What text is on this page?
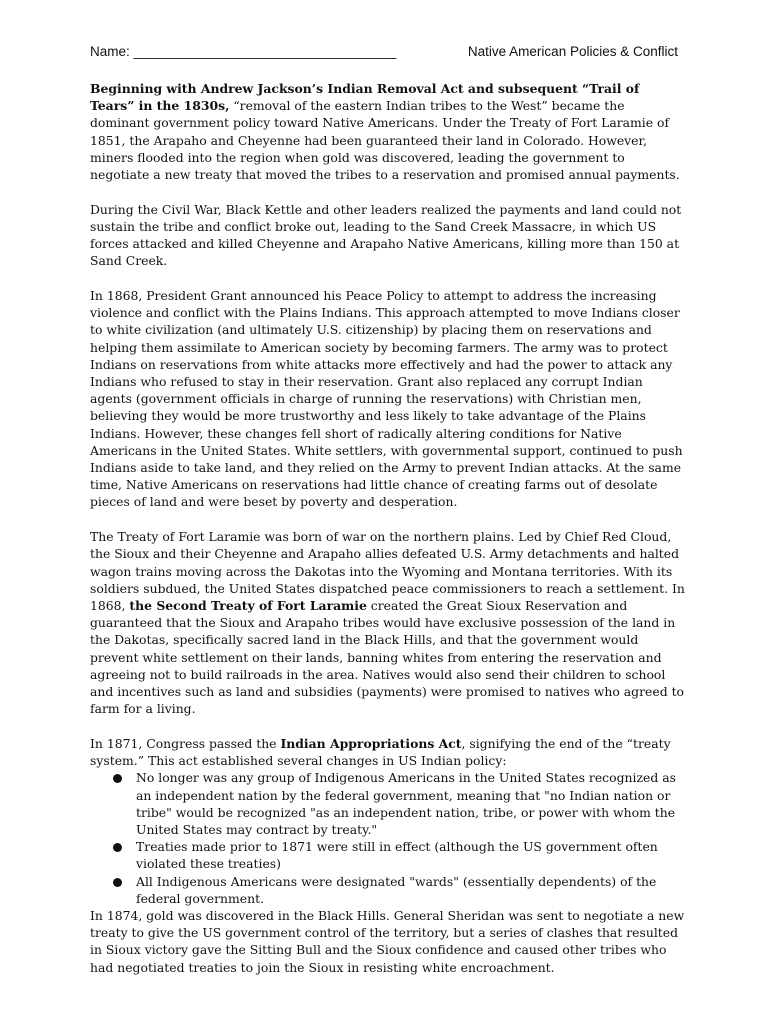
Name: ___________________________________	Native American Policies & Conflict

Beginning with Andrew Jackson’s Indian Removal Act and subsequent “Trail of Tears” in the 1830s, “removal of the eastern Indian tribes to the West” became the dominant government policy toward Native Americans. Under the Treaty of Fort Laramie of 1851, the Arapaho and Cheyenne had been guaranteed their land in Colorado. However, miners flooded into the region when gold was discovered, leading the government to negotiate a new treaty that moved the tribes to a reservation and promised annual payments.

During the Civil War, Black Kettle and other leaders realized the payments and land could not sustain the tribe and conflict broke out, leading to the Sand Creek Massacre, in which US forces attacked and killed Cheyenne and Arapaho Native Americans, killing more than 150 at Sand Creek.

In 1868, President Grant announced his Peace Policy to attempt to address the increasing violence and conflict with the Plains Indians. This approach attempted to move Indians closer to white civilization (and ultimately U.S. citizenship) by placing them on reservations and helping them assimilate to American society by becoming farmers. The army was to protect Indians on reservations from white attacks more effectively and had the power to attack any Indians who refused to stay in their reservation. Grant also replaced any corrupt Indian agents (government officials in charge of running the reservations) with Christian men, believing they would be more trustworthy and less likely to take advantage of the Plains Indians. However, these changes fell short of radically altering conditions for Native Americans in the United States. White settlers, with governmental support, continued to push Indians aside to take land, and they relied on the Army to prevent Indian attacks. At the same time, Native Americans on reservations had little chance of creating farms out of desolate pieces of land and were beset by poverty and desperation.

The Treaty of Fort Laramie was born of war on the northern plains. Led by Chief Red Cloud, the Sioux and their Cheyenne and Arapaho allies defeated U.S. Army detachments and halted wagon trains moving across the Dakotas into the Wyoming and Montana territories. With its soldiers subdued, the United States dispatched peace commissioners to reach a settlement. In 1868, the Second Treaty of Fort Laramie created the Great Sioux Reservation and guaranteed that the Sioux and Arapaho tribes would have exclusive possession of the land in the Dakotas, specifically sacred land in the Black Hills, and that the government would prevent white settlement on their lands, banning whites from entering the reservation and agreeing not to build railroads in the area. Natives would also send their children to school and incentives such as land and subsidies (payments) were promised to natives who agreed to farm for a living.

In 1871, Congress passed the Indian Appropriations Act, signifying the end of the “treaty system.” This act established several changes in US Indian policy:

No longer was any group of Indigenous Americans in the United States recognized as an independent nation by the federal government, meaning that "no Indian nation or tribe" would be recognized "as an independent nation, tribe, or power with whom the United States may contract by treaty."
Treaties made prior to 1871 were still in effect (although the US government often violated these treaties)
All Indigenous Americans were designated "wards" (essentially dependents) of the federal government.

In 1874, gold was discovered in the Black Hills. General Sheridan was sent to negotiate a new treaty to give the US government control of the territory, but a series of clashes that resulted in Sioux victory gave the Sitting Bull and the Sioux confidence and caused other tribes who had negotiated treaties to join the Sioux in resisting white encroachment.
